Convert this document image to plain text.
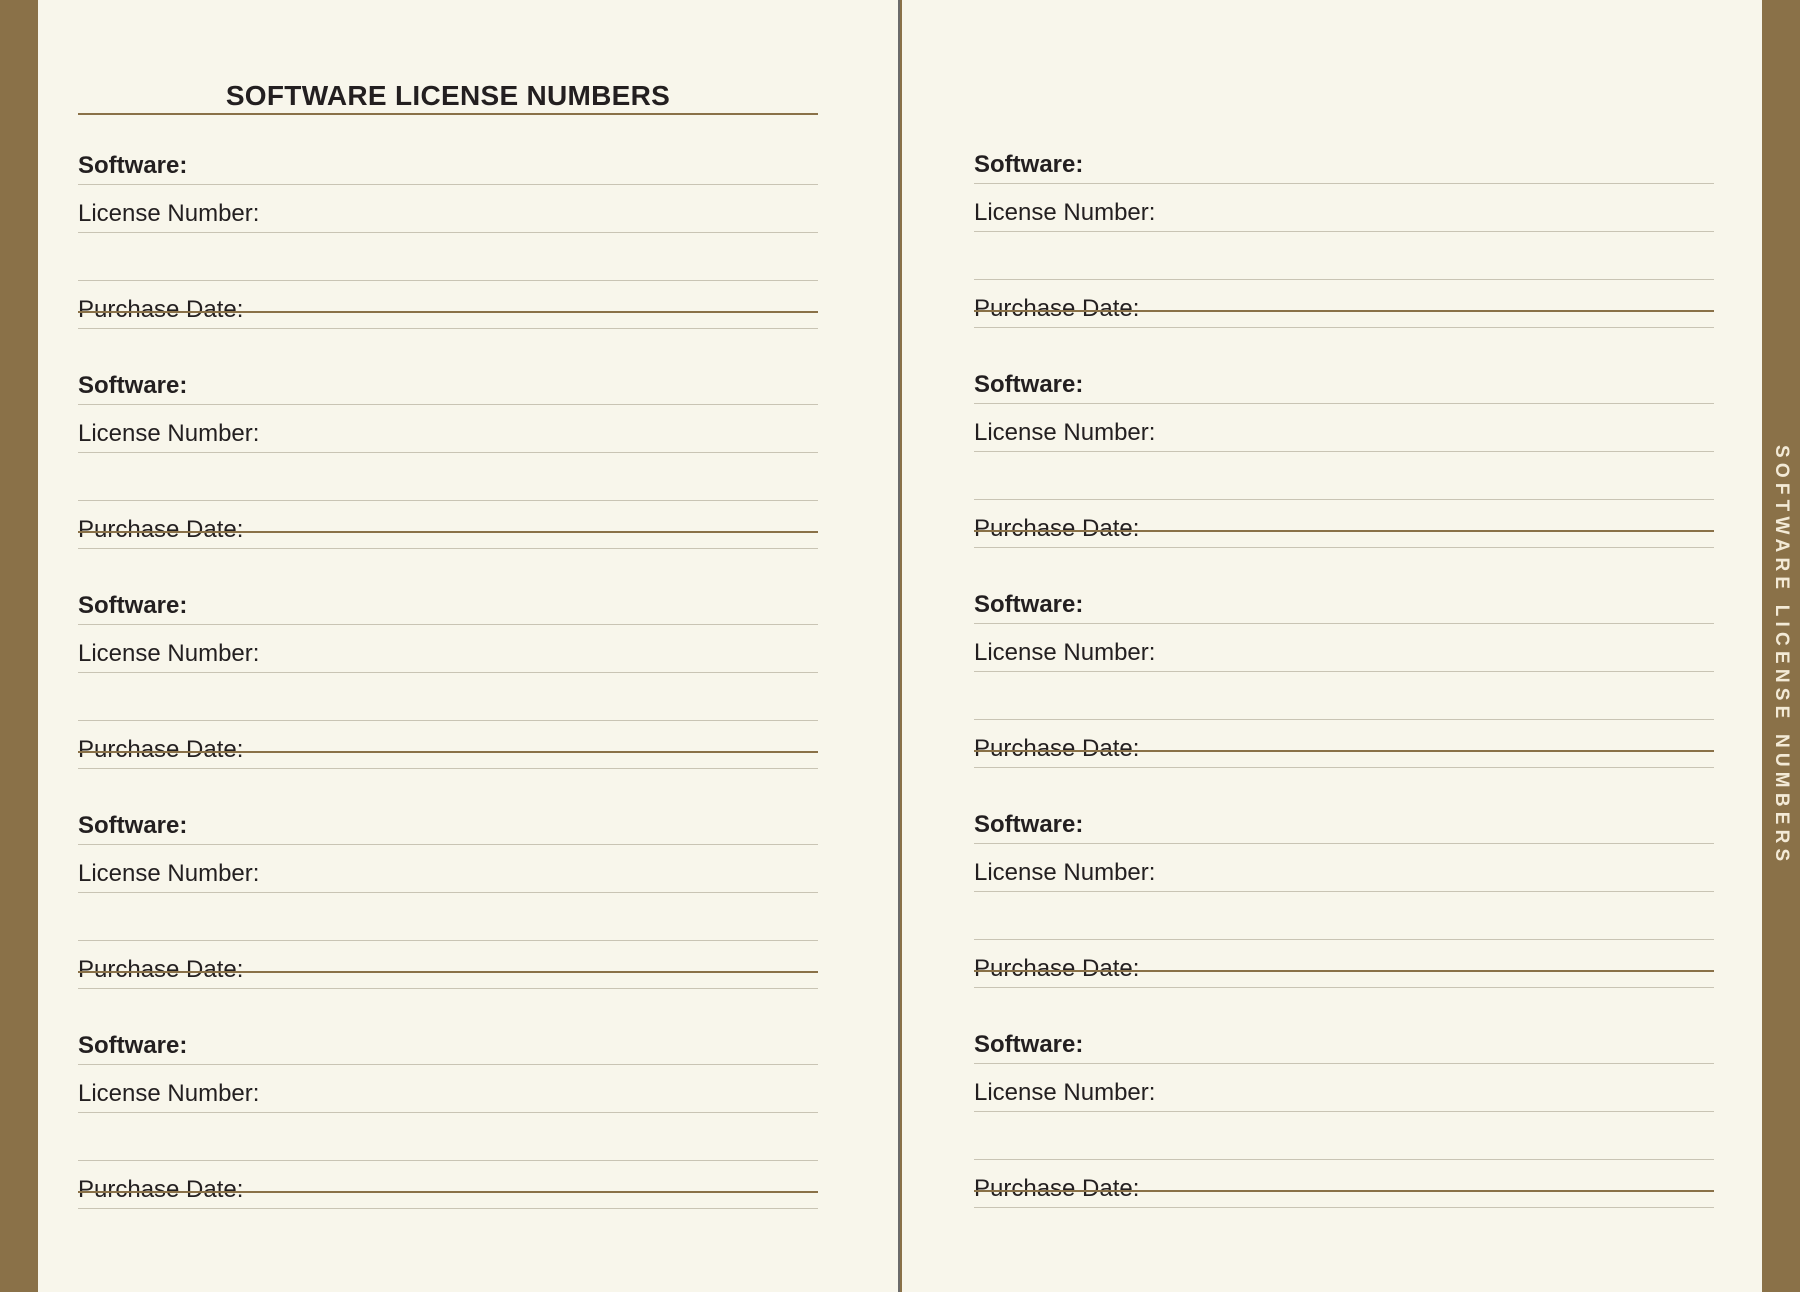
SOFTWARE LICENSE NUMBERS
Software:
License Number:
Purchase Date:
Software:
License Number:
Purchase Date:
Software:
License Number:
Purchase Date:
Software:
License Number:
Purchase Date:
Software:
License Number:
Purchase Date:
Software:
License Number:
Purchase Date:
Software:
License Number:
Purchase Date:
Software:
License Number:
Purchase Date:
Software:
License Number:
Purchase Date:
Software:
License Number:
Purchase Date:
SOFTWARE LICENSE NUMBERS
